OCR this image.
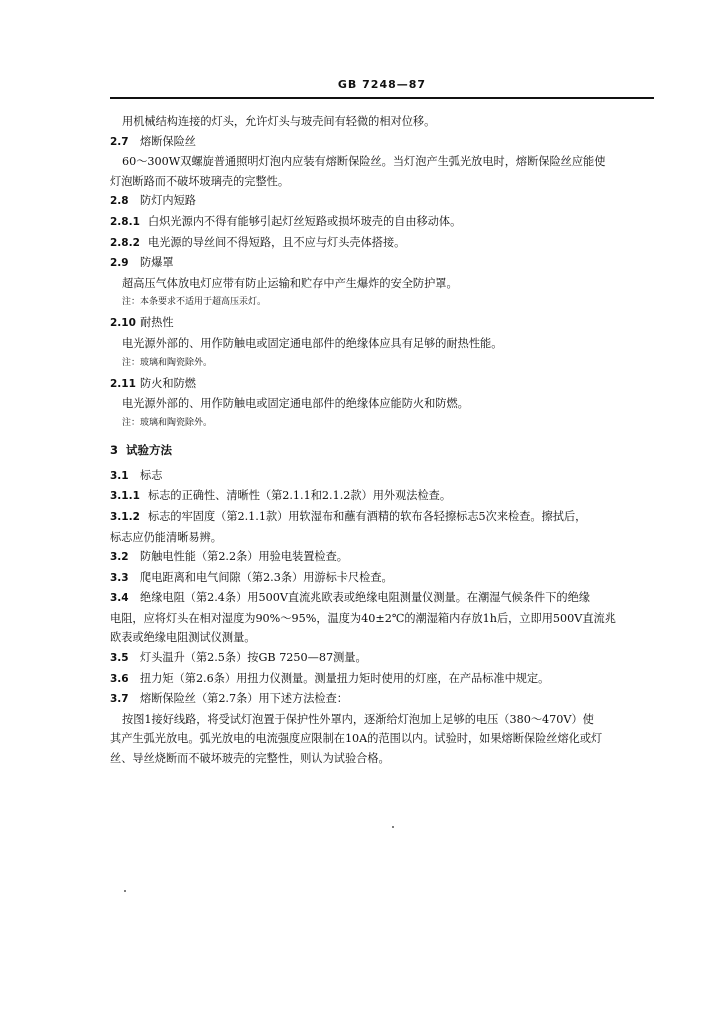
GB 7248—87
用机械结构连接的灯头，允许灯头与玻壳间有轻微的相对位移。
2.7 熔断保险丝
60～300W双螺旋普通照明灯泡内应装有熔断保险丝。当灯泡产生弧光放电时，熔断保险丝应能使
灯泡断路而不破坏玻璃壳的完整性。
2.8 防灯内短路
2.8.1 白炽光源内不得有能够引起灯丝短路或损坏玻壳的自由移动体。
2.8.2 电光源的导丝间不得短路，且不应与灯头壳体搭接。
2.9 防爆罩
超高压气体放电灯应带有防止运输和贮存中产生爆炸的安全防护罩。
注：本条要求不适用于超高压汞灯。
2.10 耐热性
电光源外部的、用作防触电或固定通电部件的绝缘体应具有足够的耐热性能。
注：玻璃和陶瓷除外。
2.11 防火和防燃
电光源外部的、用作防触电或固定通电部件的绝缘体应能防火和防燃。
注：玻璃和陶瓷除外。
3 试验方法
3.1 标志
3.1.1 标志的正确性、清晰性（第2.1.1和2.1.2款）用外观法检查。
3.1.2 标志的牢固度（第2.1.1款）用软湿布和蘸有酒精的软布各轻擦标志5次来检查。擦拭后，
标志应仍能清晰易辨。
3.2 防触电性能（第2.2条）用验电装置检查。
3.3 爬电距离和电气间隙（第2.3条）用游标卡尺检查。
3.4 绝缘电阻（第2.4条）用500V直流兆欧表或绝缘电阻测量仪测量。在潮湿气候条件下的绝缘
电阻，应将灯头在相对湿度为90%～95%，温度为40±2℃的潮湿箱内存放1h后，立即用500V直流兆
欧表或绝缘电阻测试仪测量。
3.5 灯头温升（第2.5条）按GB 7250—87测量。
3.6 扭力矩（第2.6条）用扭力仪测量。测量扭力矩时使用的灯座，在产品标准中规定。
3.7 熔断保险丝（第2.7条）用下述方法检查：
按图1接好线路，将受试灯泡置于保护性外罩内，逐渐给灯泡加上足够的电压（380～470V）使
其产生弧光放电。弧光放电的电流强度应限制在10A的范围以内。试验时，如果熔断保险丝熔化或灯
丝、导丝烧断而不破坏玻壳的完整性，则认为试验合格。
